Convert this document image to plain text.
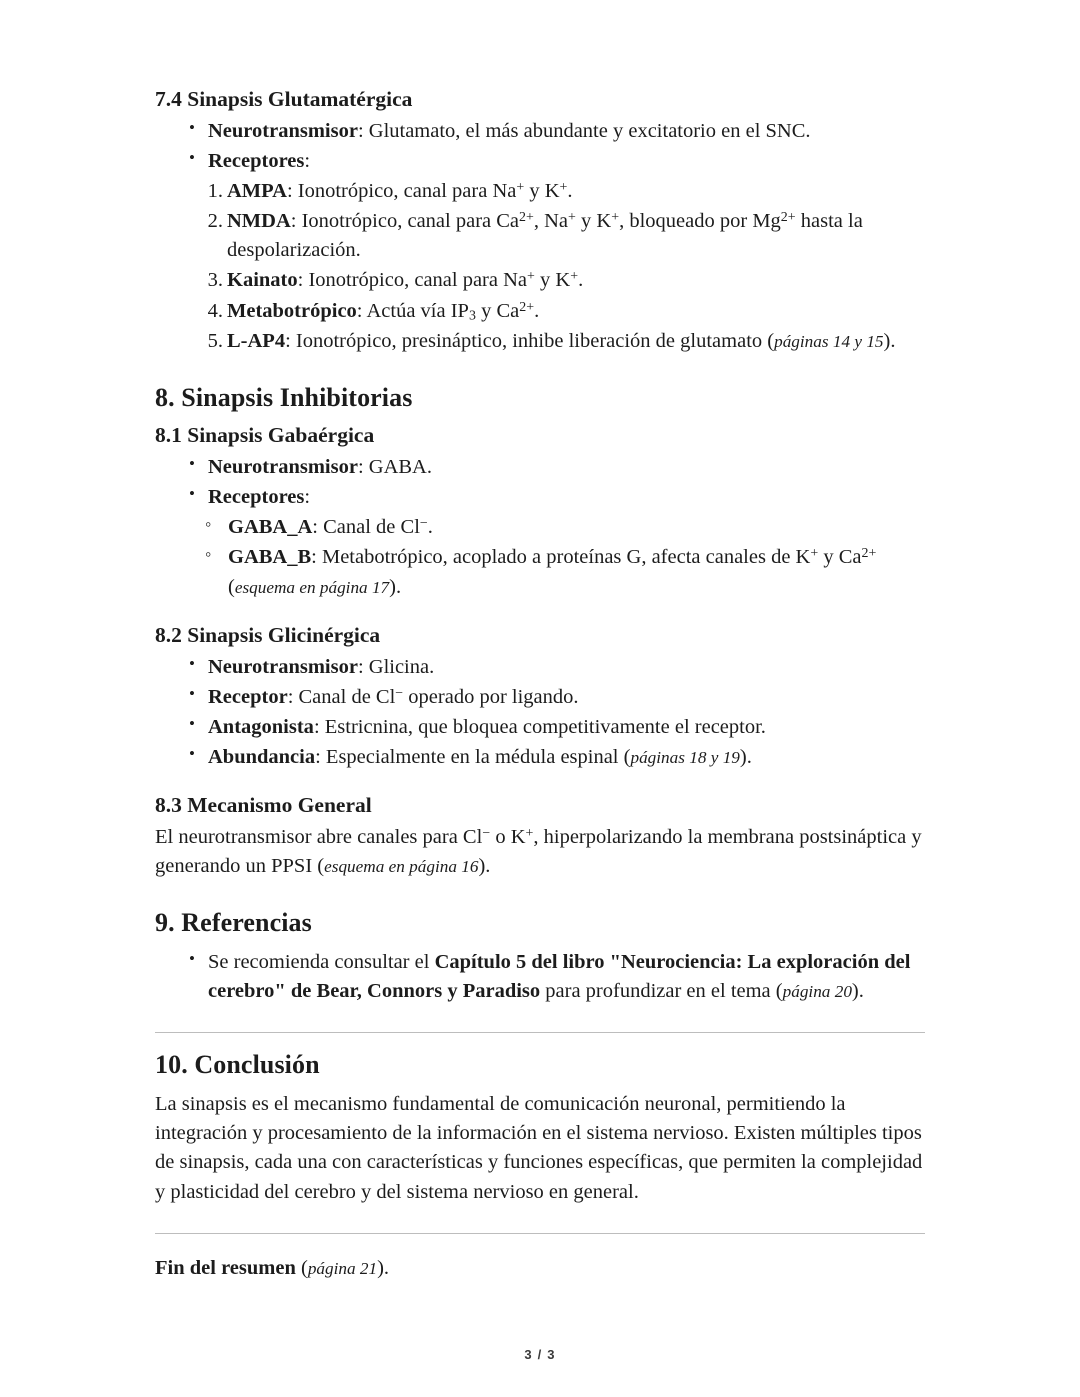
7.4 Sinapsis Glutamatérgica
• Neurotransmisor: Glutamato, el más abundante y excitatorio en el SNC.
• Receptores:
AMPA: Ionotrópico, canal para Na+ y K+.
NMDA: Ionotrópico, canal para $Ca^{2+}$, Na+ y K+, bloqueado por $Mg^{2+}$ hasta la despolarización.
Kainato: Ionotrópico, canal para Na+ y K+.
Metabotrópico: Actúa vía $IP_3$ y $Ca^{2+}$.
L-AP4: Ionotrópico, presináptico, inhibe liberación de glutamato (páginas 14 y 15).
8. Sinapsis Inhibitorias
8.1 Sinapsis Gabaérgica
• Neurotransmisor: GABA.
• Receptores:
◦ GABA_A: Canal de Cl−.
◦ GABA_B: Metabotrópico, acoplado a proteínas G, afecta canales de K+ y $Ca^{2+}$ (esquema en página 17).
8.2 Sinapsis Glicinérgica
• Neurotransmisor: Glicina.
• Receptor: Canal de Cl− operado por ligando.
• Antagonista: Estricnina, que bloquea competitivamente el receptor.
• Abundancia: Especialmente en la médula espinal (páginas 18 y 19).
8.3 Mecanismo General

El neurotransmisor abre canales para Cl− o K+, hiperpolarizando la membrana postsináptica y generando un PPSI (esquema en página 16).

9. Referencias
• Se recomienda consultar el Capítulo 5 del libro "Neurociencia: La exploración del cerebro" de Bear, Connors y Paradiso para profundizar en el tema (página 20).
10. Conclusión

La sinapsis es el mecanismo fundamental de comunicación neuronal, permitiendo la integración y procesamiento de la información en el sistema nervioso. Existen múltiples tipos de sinapsis, cada una con características y funciones específicas, que permiten la complejidad y plasticidad del cerebro y del sistema nervioso en general.

Fin del resumen (página 21).

3 / 3
